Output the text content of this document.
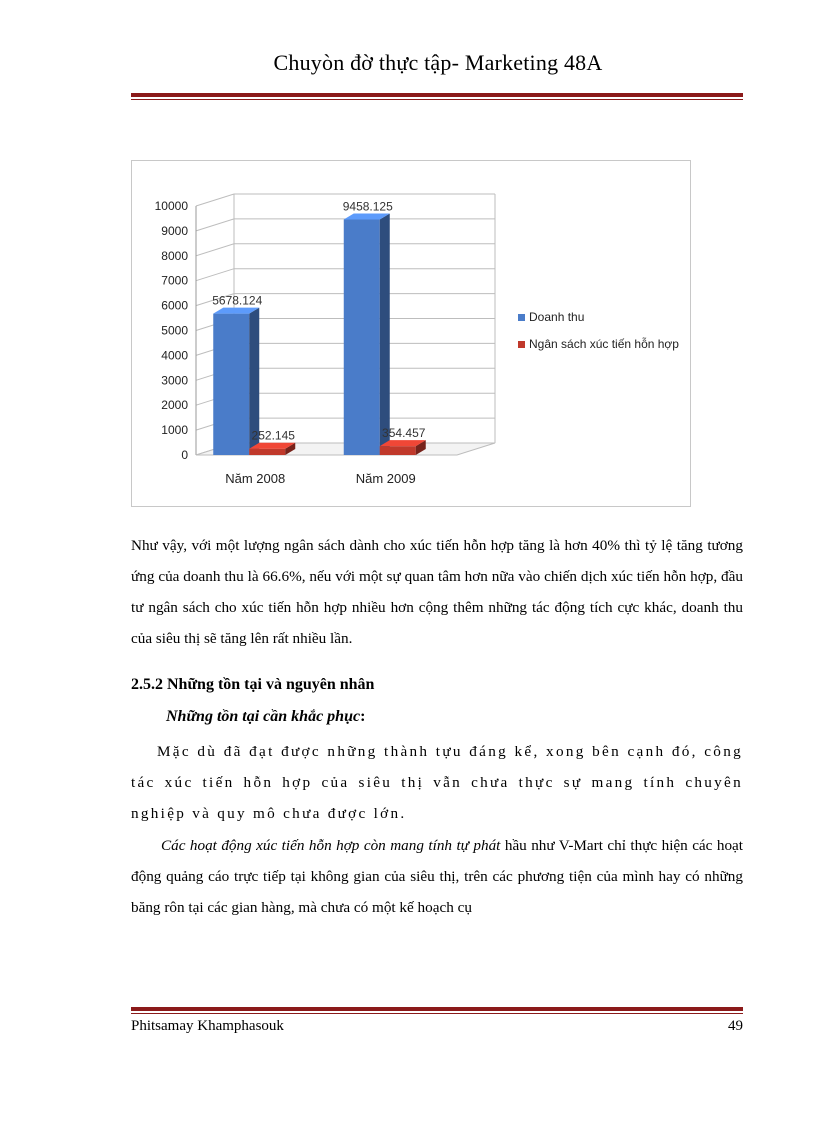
Chuyòn đờ thực tập- Marketing 48A
0
1000
2000
3000
4000
5000
6000
7000
8000
9000
10000
5678.124
252.145
Năm 2008
9458.125
354.457
Năm 2009
Doanh thu
Ngân sách xúc tiến hỗn hợp

Như vậy, với một lượng ngân sách dành cho xúc tiến hỗn hợp tăng là hơn 40% thì tỷ lệ tăng tương ứng của doanh thu là 66.6%, nếu với một sự quan tâm hơn nữa vào chiến dịch xúc tiến hỗn hợp, đầu tư ngân sách cho xúc tiến hỗn hợp nhiều hơn cộng thêm những tác động tích cực khác, doanh thu của siêu thị sẽ tăng lên rất nhiều lần.

2.5.2 Những tồn tại và nguyên nhân
Những tồn tại cần khắc phục:

Mặc dù đã đạt được những thành tựu đáng kể, xong bên cạnh đó, công tác xúc tiến hỗn hợp của siêu thị vẫn chưa thực sự mang tính chuyên nghiệp và quy mô chưa được lớn.

Các hoạt động xúc tiến hỗn hợp còn mang tính tự phát hầu như V-Mart chỉ thực hiện các hoạt động quảng cáo trực tiếp tại không gian của siêu thị, trên các phương tiện của mình hay có những băng rôn tại các gian hàng, mà chưa có một kế hoạch cụ

Phitsamay Khamphasouk	49
